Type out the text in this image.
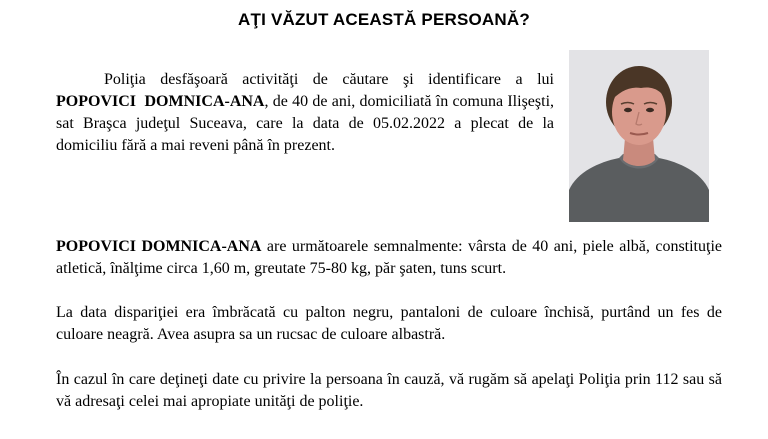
AŢI VĂZUT ACEASTĂ PERSOANĂ?

Poliţia desfăşoară activităţi de căutare şi identificare a lui POPOVICI  DOMNICA-ANA, de 40 de ani, domiciliată în comuna Ilişeşti, sat Braşca judeţul Suceava, care la data de 05.02.2022 a plecat de la domiciliu fără a mai reveni până în prezent.

POPOVICI DOMNICA-ANA are următoarele semnalmente: vârsta de 40 ani, piele albă, constituţie atletică, înălţime circa 1,60 m, greutate 75-80 kg, păr şaten, tuns scurt.

La data dispariţiei era îmbrăcată cu palton negru, pantaloni de culoare închisă, purtând un fes de culoare neagră. Avea asupra sa un rucsac de culoare albastră.

În cazul în care deţineţi date cu privire la persoana în cauză, vă rugăm să apelaţi Poliţia prin 112 sau să vă adresaţi celei mai apropiate unităţi de poliţie.
